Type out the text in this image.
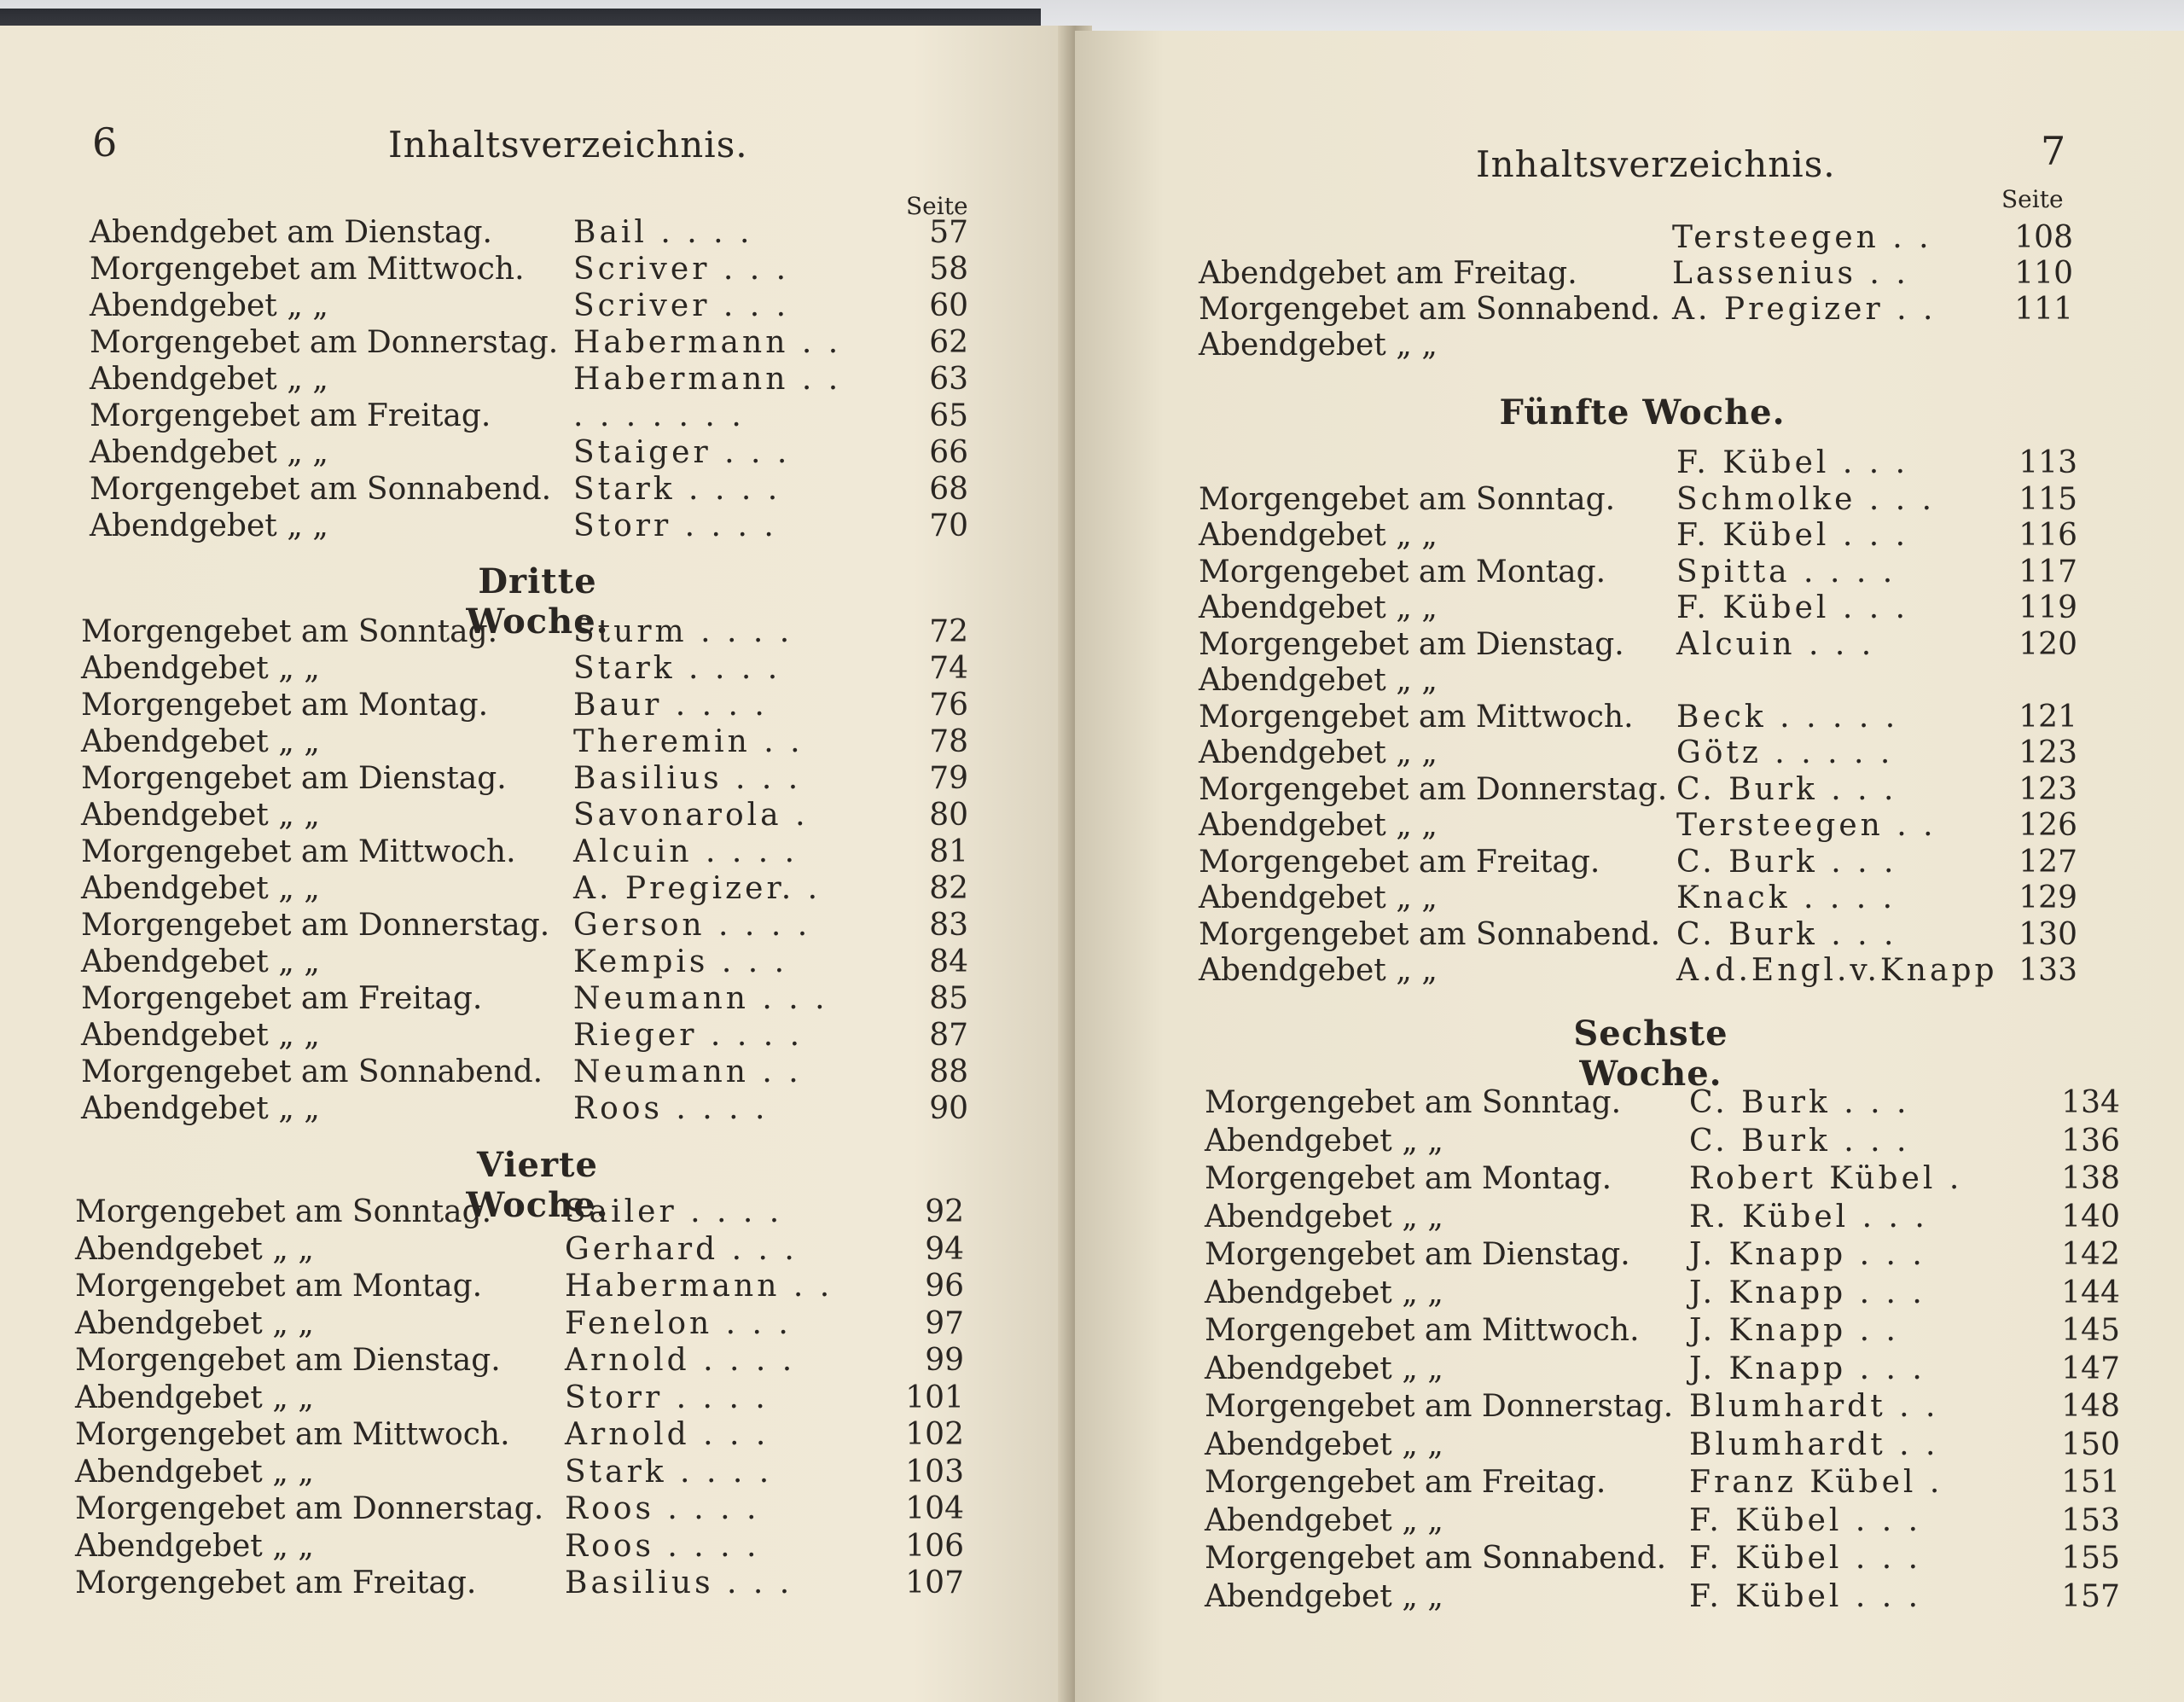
6	Inhaltsverzeichnis.
Seite
Abendgebet am Dienstag.	Bail . . . .	57
Morgengebet am Mittwoch. Scriver . . .	58
Abendgebet „ „	Scriver . . .	60
Morgengebet am Donnerstag. Habermann . .	62
Abendgebet „ „	Habermann . .	63
Morgengebet am Freitag.	. . . . . . .	65
Abendgebet „ „	Staiger . . .	66
Morgengebet am Sonnabend. Stark . . . .	68
Abendgebet „ „	Storr . . . .	70
Dritte Woche.
Morgengebet am Sonntag. Sturm . . . .	72
Abendgebet „ „	Stark . . . .	74
Morgengebet am Montag.	Baur . . . .	76
Abendgebet „ „	Theremin . .	78
Morgengebet am Dienstag. Basilius . . .	79
Abendgebet „ „	Savonarola .	80
Morgengebet am Mittwoch. Alcuin . . . .	81
Abendgebet „ „	A. Pregizer. .	82
Morgengebet am Donnerstag. Gerson . . . .	83
Abendgebet „ „	Kempis . . .	84
Morgengebet am Freitag.	Neumann . . .	85
Abendgebet „ „	Rieger . . . .	87
Morgengebet am Sonnabend. Neumann . .	88
Abendgebet „ „	Roos . . . .	90
Vierte Woche.
Morgengebet am Sonntag. Sailer . . . .	92
Abendgebet „ „	Gerhard . . .	94
Morgengebet am Montag.	Habermann . .	96
Abendgebet „ „	Fenelon . . .	97
Morgengebet am Dienstag. Arnold . . . .	99
Abendgebet „ „	Storr . . . .	101
Morgengebet am Mittwoch. Arnold . . .	102
Abendgebet „ „	Stark . . . .	103
Morgengebet am Donnerstag. Roos . . . .	104
Abendgebet „ „	Roos . . . .	106
Morgengebet am Freitag.	Basilius . . .	107
Inhaltsverzeichnis.	7
Seite
Tersteegen . .	108
Abendgebet am Freitag.	Lassenius . .	110
Morgengebet am Sonnabend. A. Pregizer . .	111
Abendgebet „ „
Fünfte Woche.
F. Kübel . . .	113
Morgengebet am Sonntag. Schmolke . . .	115
Abendgebet „ „	F. Kübel . . .	116
Morgengebet am Montag. Spitta . . . .	117
Abendgebet „ „	F. Kübel . . .	119
Morgengebet am Dienstag. Alcuin . . .	120
Abendgebet „ „
Morgengebet am Mittwoch. Beck . . . . .	121
Abendgebet „ „	Götz . . . . .	123
Morgengebet am Donnerstag. C. Burk . . .	123
Abendgebet „ „	Tersteegen . .	126
Morgengebet am Freitag. C. Burk . . .	127
Abendgebet „ „	Knack . . . .	129
Morgengebet am Sonnabend. C. Burk . . .	130
Abendgebet „ „	A.d.Engl.v.Knapp 133
Sechste Woche.
Morgengebet am Sonntag. C. Burk . . .	134
Abendgebet „ „	C. Burk . . .	136
Morgengebet am Montag.	Robert Kübel .	138
Abendgebet „ „	R. Kübel . . .	140
Morgengebet am Dienstag. J. Knapp . . .	142
Abendgebet „ „	J. Knapp . . .	144
Morgengebet am Mittwoch. J. Knapp . .	145
Abendgebet „ „	J. Knapp . . .	147
Morgengebet am Donnerstag. Blumhardt . .	148
Abendgebet „ „	Blumhardt . .	150
Morgengebet am Freitag.	Franz Kübel .	151
Abendgebet „ „	F. Kübel . . .	153
Morgengebet am Sonnabend. F. Kübel . . .	155
Abendgebet „ „	F. Kübel . . .	157
